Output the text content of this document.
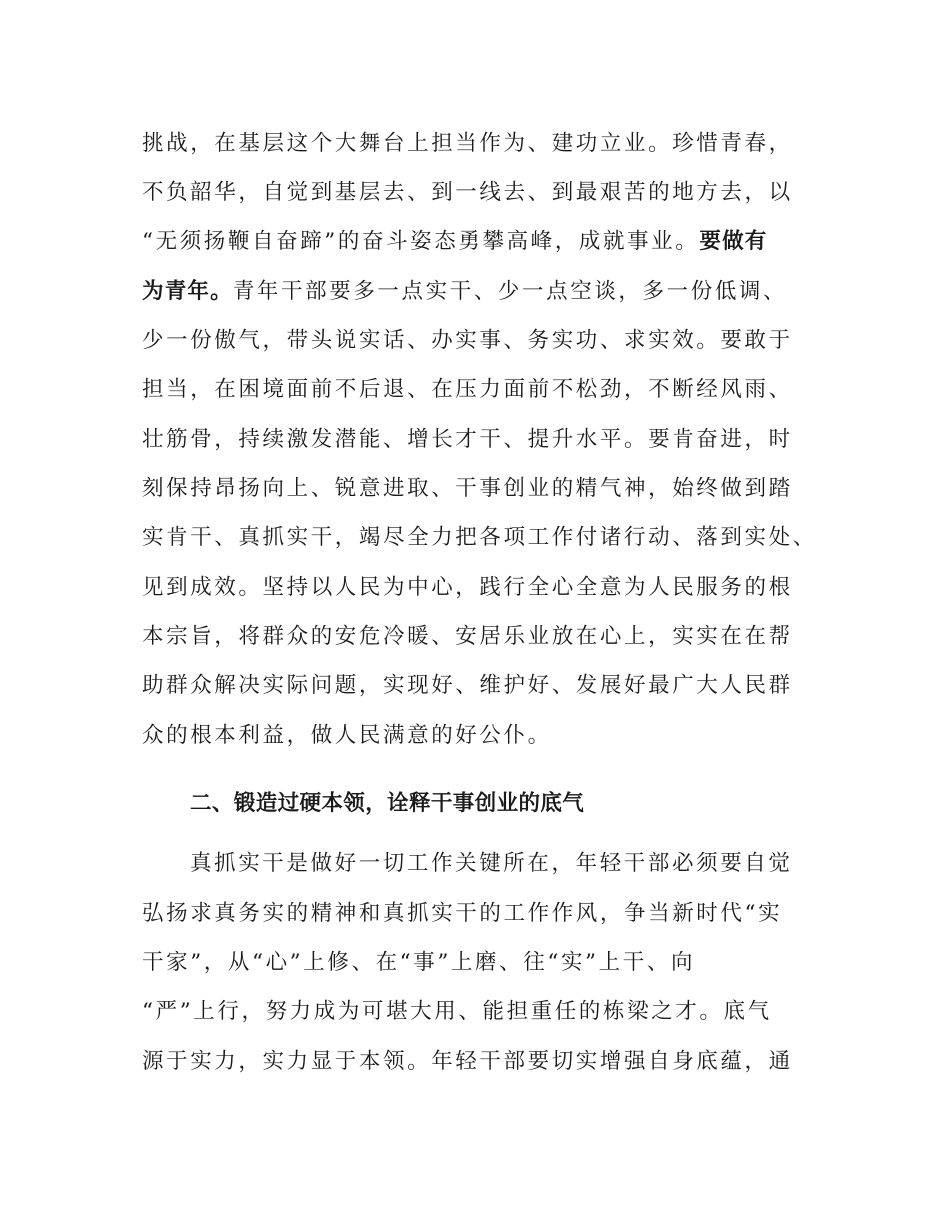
挑战，在基层这个大舞台上担当作为、建功立业。珍惜青春，
不负韶华，自觉到基层去、到一线去、到最艰苦的地方去，以
“无须扬鞭自奋蹄”的奋斗姿态勇攀高峰，成就事业。要做有
为青年。青年干部要多一点实干、少一点空谈，多一份低调、
少一份傲气，带头说实话、办实事、务实功、求实效。要敢于
担当，在困境面前不后退、在压力面前不松劲，不断经风雨、
壮筋骨，持续激发潜能、增长才干、提升水平。要肯奋进，时
刻保持昂扬向上、锐意进取、干事创业的精气神，始终做到踏
实肯干、真抓实干，竭尽全力把各项工作付诸行动、落到实处、
见到成效。坚持以人民为中心，践行全心全意为人民服务的根
本宗旨，将群众的安危冷暖、安居乐业放在心上，实实在在帮
助群众解决实际问题，实现好、维护好、发展好最广大人民群
众的根本利益，做人民满意的好公仆。
二、锻造过硬本领，诠释干事创业的底气
真抓实干是做好一切工作关键所在，年轻干部必须要自觉
弘扬求真务实的精神和真抓实干的工作作风，争当新时代“实
干家”，从“心”上修、在“事”上磨、往“实”上干、向
“严”上行，努力成为可堪大用、能担重任的栋梁之才。底气
源于实力，实力显于本领。年轻干部要切实增强自身底蕴，通
